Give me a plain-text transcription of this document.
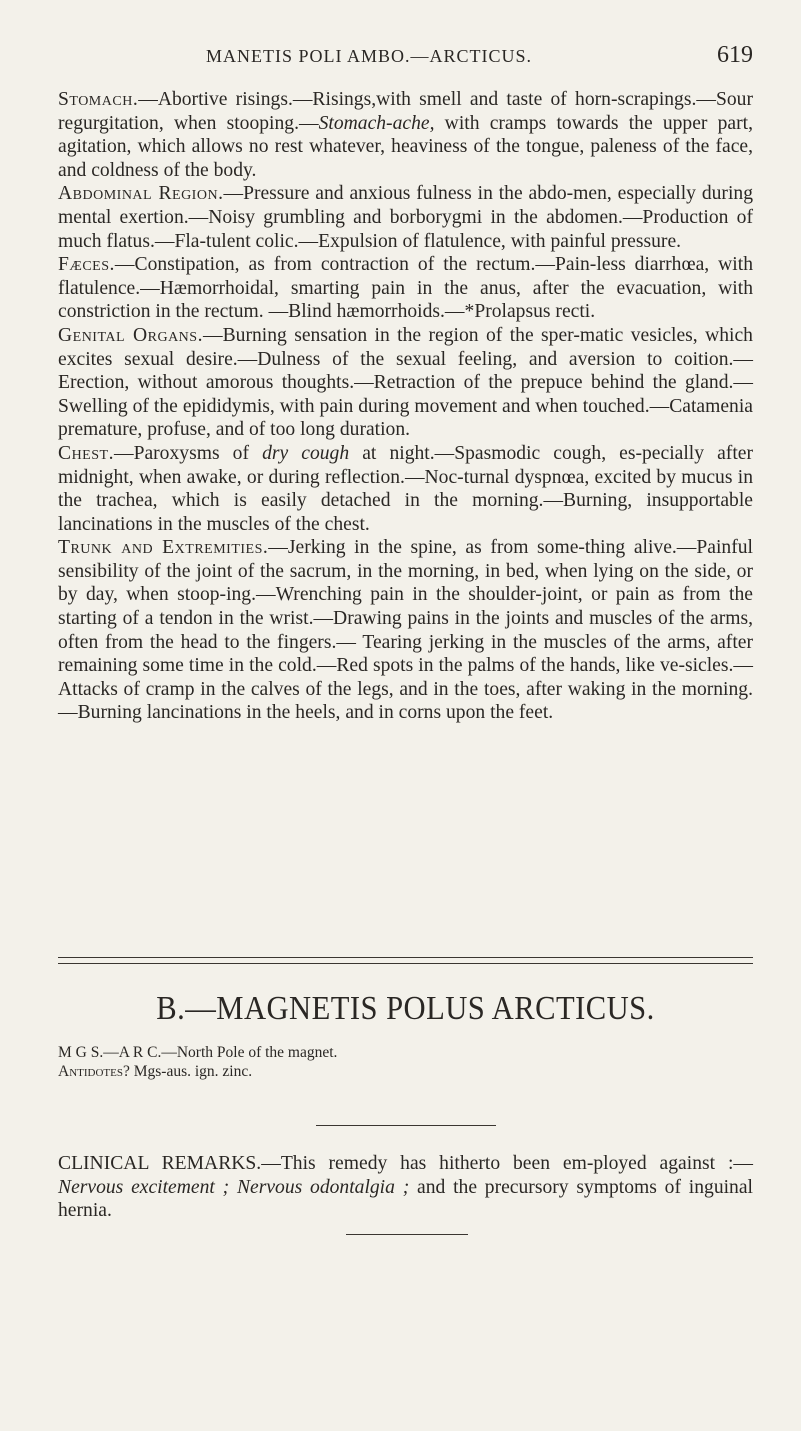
MANETIS POLI AMBO.—ARCTICUS.	619

Stomach.—Abortive risings.—Risings,with smell and taste of horn-scrapings.—Sour regurgitation, when stooping.—Stomach-ache, with cramps towards the upper part, agitation, which allows no rest whatever, heaviness of the tongue, paleness of the face, and coldness of the body.

Abdominal Region.—Pressure and anxious fulness in the abdo-men, especially during mental exertion.—Noisy grumbling and borborygmi in the abdomen.—Production of much flatus.—Fla-tulent colic.—Expulsion of flatulence, with painful pressure.

Fæces.—Constipation, as from contraction of the rectum.—Pain-less diarrhœa, with flatulence.—Hæmorrhoidal, smarting pain in the anus, after the evacuation, with constriction in the rectum. —Blind hæmorrhoids.—*Prolapsus recti.

Genital Organs.—Burning sensation in the region of the sper-matic vesicles, which excites sexual desire.—Dulness of the sexual feeling, and aversion to coition.—Erection, without amorous thoughts.—Retraction of the prepuce behind the gland.— Swelling of the epididymis, with pain during movement and when touched.—Catamenia premature, profuse, and of too long duration.

Chest.—Paroxysms of dry cough at night.—Spasmodic cough, es-pecially after midnight, when awake, or during reflection.—Noc-turnal dyspnœa, excited by mucus in the trachea, which is easily detached in the morning.—Burning, insupportable lancinations in the muscles of the chest.

Trunk and Extremities.—Jerking in the spine, as from some-thing alive.—Painful sensibility of the joint of the sacrum, in the morning, in bed, when lying on the side, or by day, when stoop-ing.—Wrenching pain in the shoulder-joint, or pain as from the starting of a tendon in the wrist.—Drawing pains in the joints and muscles of the arms, often from the head to the fingers.— Tearing jerking in the muscles of the arms, after remaining some time in the cold.—Red spots in the palms of the hands, like ve-sicles.—Attacks of cramp in the calves of the legs, and in the toes, after waking in the morning.—Burning lancinations in the heels, and in corns upon the feet.

B.—MAGNETIS POLUS ARCTICUS.
M G S.—A R C.—North Pole of the magnet.
Antidotes? Mgs-aus. ign. zinc.

CLINICAL REMARKS.—This remedy has hitherto been em-ployed against :—Nervous excitement ; Nervous odontalgia ; and the precursory symptoms of inguinal hernia.
